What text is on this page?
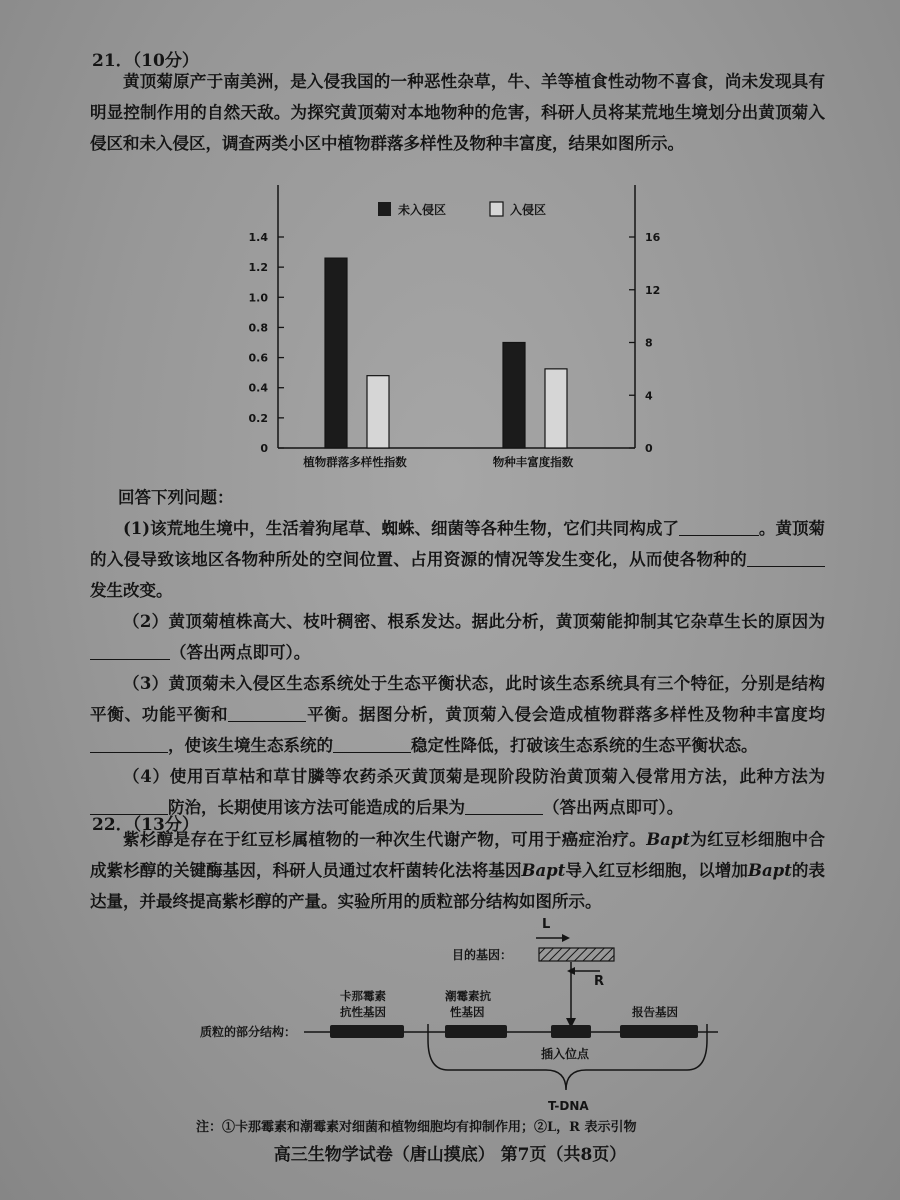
21．（10分）

黄顶菊原产于南美洲，是入侵我国的一种恶性杂草，牛、羊等植食性动物不喜食，尚未发现具有明显控制作用的自然天敌。为探究黄顶菊对本地物种的危害，科研人员将某荒地生境划分出黄顶菊入侵区和未入侵区，调查两类小区中植物群落多样性及物种丰富度，结果如图所示。

0
0.2
0.4
0.6
0.8
1.0
1.2
1.4
0
4
8
12
16
植物群落多样性指数	物种丰富度指数
未入侵区	入侵区

回答下列问题：

(1)该荒地生境中，生活着狗尾草、蜘蛛、细菌等各种生物，它们共同构成了	。黄顶菊的入侵导致该地区各物种所处的空间位置、占用资源的情况等发生变化，从而使各物种的发生改变。

（2）黄顶菊植株高大、枝叶稠密、根系发达。据此分析，黄顶菊能抑制其它杂草生长的原因为（答出两点即可）。

（3）黄顶菊未入侵区生态系统处于生态平衡状态，此时该生态系统具有三个特征，分别是结构平衡、功能平衡和	平衡。据图分析，黄顶菊入侵会造成植物群落多样性及物种丰富度均，使该生境生态系统的	稳定性降低，打破该生态系统的生态平衡状态。

（4）使用百草枯和草甘膦等农药杀灭黄顶菊是现阶段防治黄顶菊入侵常用方法，此种方法为防治，长期使用该方法可能造成的后果为	（答出两点即可）。

22．（13分）

紫杉醇是存在于红豆杉属植物的一种次生代谢产物，可用于癌症治疗。Bapt为红豆杉细胞中合成紫杉醇的关键酶基因，科研人员通过农杆菌转化法将基因Bapt导入红豆杉细胞，以增加Bapt的表达量，并最终提高紫杉醇的产量。实验所用的质粒部分结构如图所示。

L
目的基因：
R
质粒的部分结构：
卡那霉素
抗性基因
潮霉素抗
性基因	报告基因
插入位点
T-DNA
注：①卡那霉素和潮霉素对细菌和植物细胞均有抑制作用；②L，R 表示引物
高三生物学试卷（唐山摸底） 第7页（共8页）
